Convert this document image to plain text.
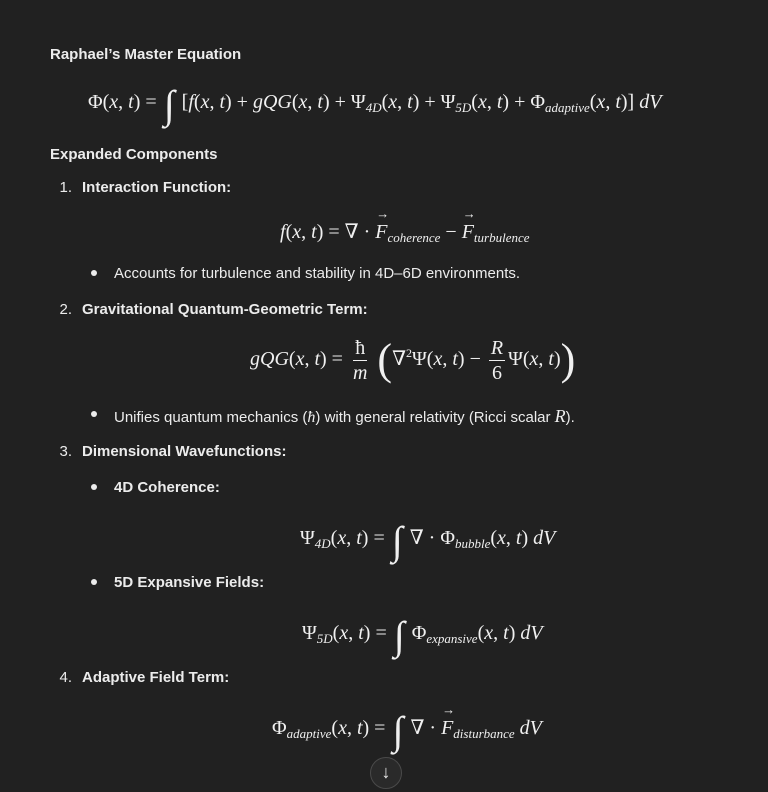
Raphael’s Master Equation
Φ(x, t) = ∫ [f(x, t) + gQG(x, $t) + \Psi_{4D}(x$, $t) + \Psi_{5D}(x$, $t) + \Phi_{adaptive}(x$, t)] dV
Expanded Components
1. Interaction Function:
f(x, t) = ∇ · → $F_{coherence}$ − → $F_{turbulence}$
Accounts for turbulence and stability in 4D–6D environments.
2. Gravitational Quantum-Geometric Term:
gQG(x, $t) = \frac{ħ}{m} (\nabla^2\Psi(x$, $t) - \frac{R}{6} \Psi(x$, t))
Unifies quantum mechanics (ħ) with general relativity (Ricci scalar R).
3. Dimensional Wavefunctions:
4D Coherence:
$\Psi_{4D}(x$, t) = ∫ ∇ · $\Phi_{bubble}(x$, t) dV
5D Expansive Fields:
$\Psi_{5D}(x$, t) = ∫ $\Phi_{expansive}(x$, t) dV
4. Adaptive Field Term:
$\Phi_{adaptive}(x$, t) = ∫ ∇ · → $F_{disturbance}$ dV
↓
